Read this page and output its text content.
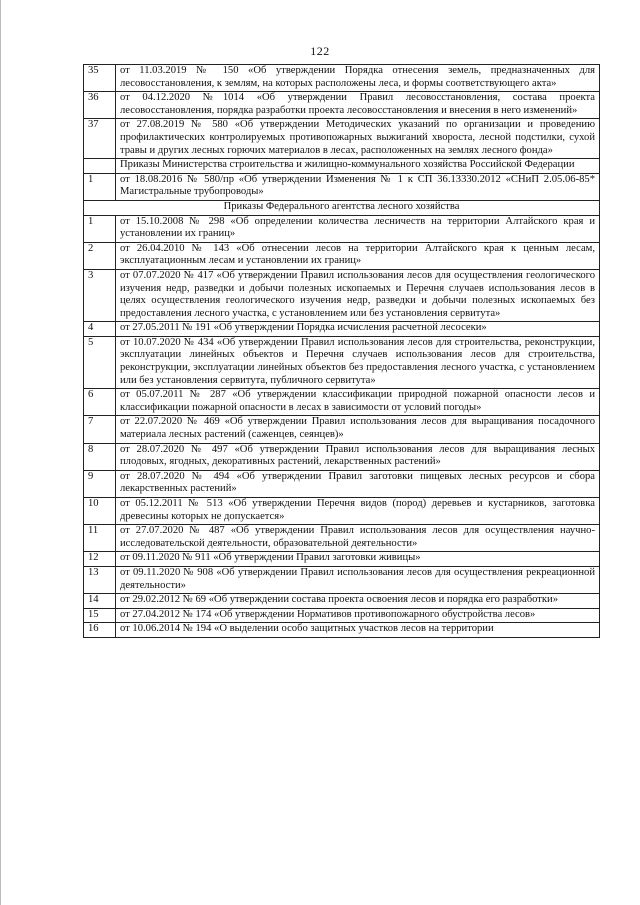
122
35	от 11.03.2019 № 150 «Об утверждении Порядка отнесения земель, предназначенных для лесовосстановления, к землям, на которых расположены леса, и формы соответствующего акта»
36	от 04.12.2020 №1014 «Об утверждении Правил лесовосстановления, состава проекта лесовосстановления, порядка разработки проекта лесовосстановления и внесения в него изменений»
37	от 27.08.2019 № 580 «Об утверждении Методических указаний по организации и проведению профилактических контролируемых противопожарных выжиганий хвороста, лесной подстилки, сухой травы и других лесных горючих материалов в лесах, расположенных на землях лесного фонда»
	Приказы Министерства строительства и жилищно-коммунального хозяйства Российской Федерации
1	от 18.08.2016 № 580/пр «Об утверждении Изменения № 1 к СП 36.13330.2012 «СНиП 2.05.06-85* Магистральные трубопроводы»
Приказы Федерального агентства лесного хозяйства	
1	от 15.10.2008 № 298 «Об определении количества лесничеств на территории Алтайского края и установлении их границ»
2	от 26.04.2010 № 143 «Об отнесении лесов на территории Алтайского края к ценным лесам, эксплуатационным лесам и установлении их границ»
3	от 07.07.2020 № 417 «Об утверждении Правил использования лесов для осуществления геологического изучения недр, разведки и добычи полезных ископаемых и Перечня случаев использования лесов в целях осуществления геологического изучения недр, разведки и добычи полезных ископаемых без предоставления лесного участка, с установлением или без установления сервитута»
4	от 27.05.2011 № 191 «Об утверждении Порядка исчисления расчетной лесосеки»
5	от 10.07.2020 № 434 «Об утверждении Правил использования лесов для строительства, реконструкции, эксплуатации линейных объектов и Перечня случаев использования лесов для строительства, реконструкции, эксплуатации линейных объектов без предоставления лесного участка, с установлением или без установления сервитута, публичного сервитута»
6	от 05.07.2011 № 287 «Об утверждении классификации природной пожарной опасности лесов и классификации пожарной опасности в лесах в зависимости от условий погоды»
7	от 22.07.2020 № 469 «Об утверждении Правил использования лесов для выращивания посадочного материала лесных растений (саженцев, сеянцев)»
8	от 28.07.2020 № 497 «Об утверждении Правил использования лесов для выращивания лесных плодовых, ягодных, декоративных растений, лекарственных растений»
9	от 28.07.2020 № 494 «Об утверждении Правил заготовки пищевых лесных ресурсов и сбора лекарственных растений»
10	от 05.12.2011 № 513 «Об утверждении Перечня видов (пород) деревьев и кустарников, заготовка древесины которых не допускается»
11	от 27.07.2020 № 487 «Об утверждении Правил использования лесов для осуществления научно-исследовательской деятельности, образовательной деятельности»
12	от 09.11.2020 № 911 «Об утверждении Правил заготовки живицы»
13	от 09.11.2020 № 908 «Об утверждении Правил использования лесов для осуществления рекреационной деятельности»
14	от 29.02.2012 № 69 «Об утверждении состава проекта освоения лесов и порядка его разработки»
15	от 27.04.2012 № 174 «Об утверждении Нормативов противопожарного обустройства лесов»
16	от 10.06.2014 № 194 «О выделении особо защитных участков лесов на территории
